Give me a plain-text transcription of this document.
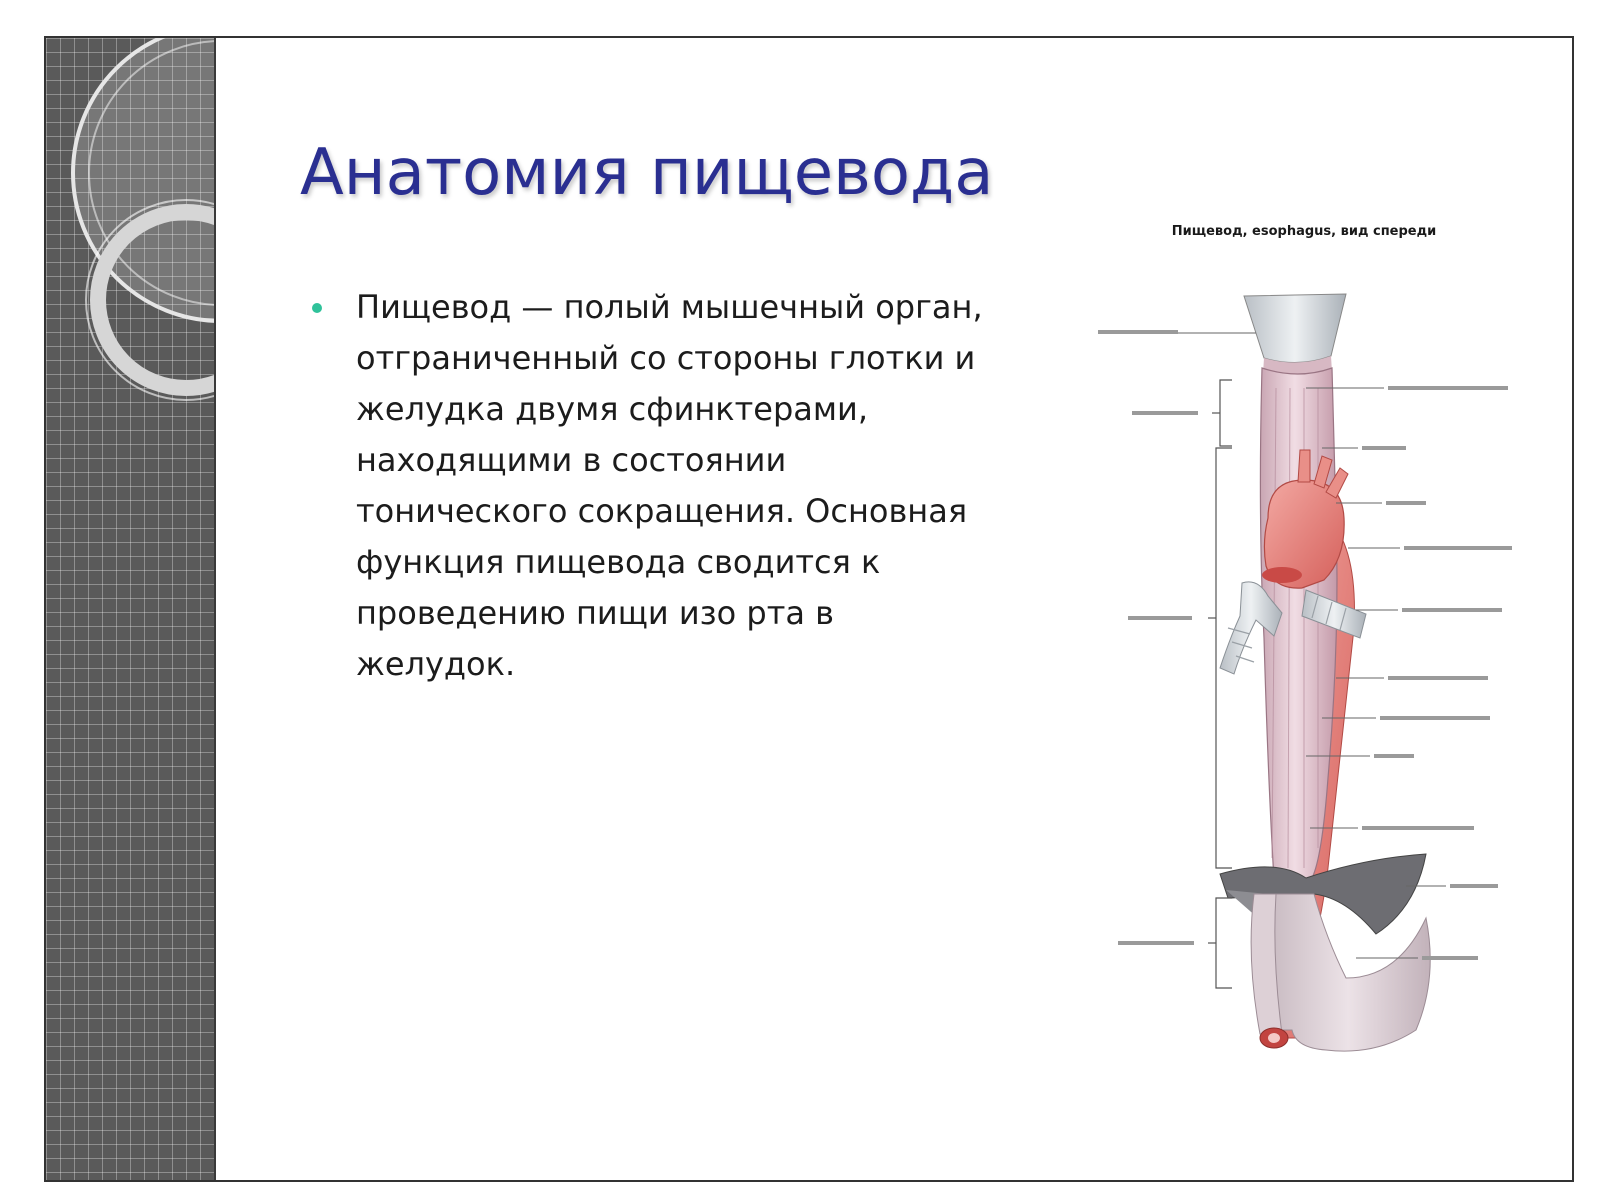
Анатомия пищевода
Пищевод — полый мышечный орган, отграниченный со стороны глотки и желудка двумя сфинктерами, находящими в состоянии тонического сокращения. Основная функция пищевода сводится к проведению пищи изо рта в желудок.
Пищевод, esophagus, вид спереди
